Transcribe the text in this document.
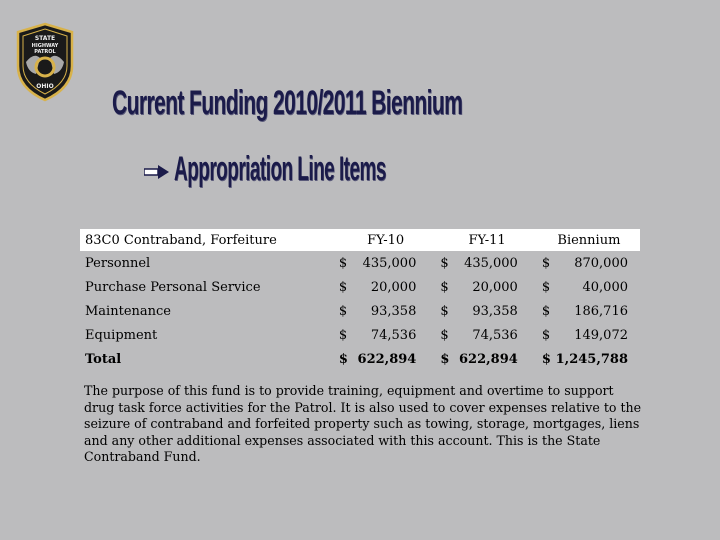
STATE
HIGHWAY
PATROL
OHIO Current Funding 2010/2011 Biennium
Appropriation Line Items
83C0 Contraband, Forfeiture	FY-10		FY-11		Biennium	
Personnel	$	435,000	$	435,000	$	870,000
Purchase Personal Service	$	20,000	$	20,000	$	40,000
Maintenance	$	93,358	$	93,358	$	186,716
Equipment	$	74,536	$	74,536	$	149,072
Total	$	622,894	$	622,894	$	1,245,788
The purpose of this fund is to provide training, equipment and overtime to support drug task force activities for the Patrol. It is also used to cover expenses relative to the seizure of contraband and forfeited property such as towing, storage, mortgages, liens and any other additional expenses associated with this account. This is the State Contraband Fund.
